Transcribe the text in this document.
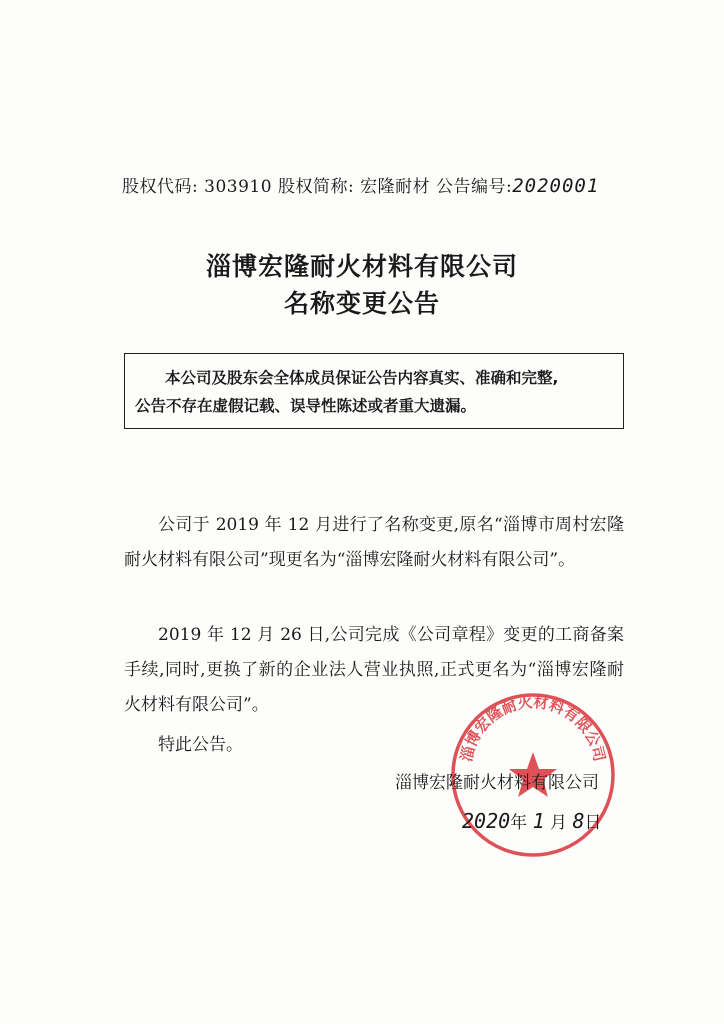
股权代码: 303910 股权简称: 宏隆耐材 公告编号:2020001
淄博宏隆耐火材料有限公司
名称变更公告
本公司及股东会全体成员保证公告内容真实、准确和完整,
公告不存在虚假记载、误导性陈述或者重大遗漏。

公司于 2019 年 12 月进行了名称变更,原名“淄博市周村宏隆耐火材料有限公司”现更名为“淄博宏隆耐火材料有限公司”。

2019 年 12 月 26 日,公司完成《公司章程》变更的工商备案手续,同时,更换了新的企业法人营业执照,正式更名为“淄博宏隆耐火材料有限公司”。

特此公告。	淄博宏隆耐火材料有限公司
淄博宏隆耐火材料有限公司
2020年 1 月 8日
